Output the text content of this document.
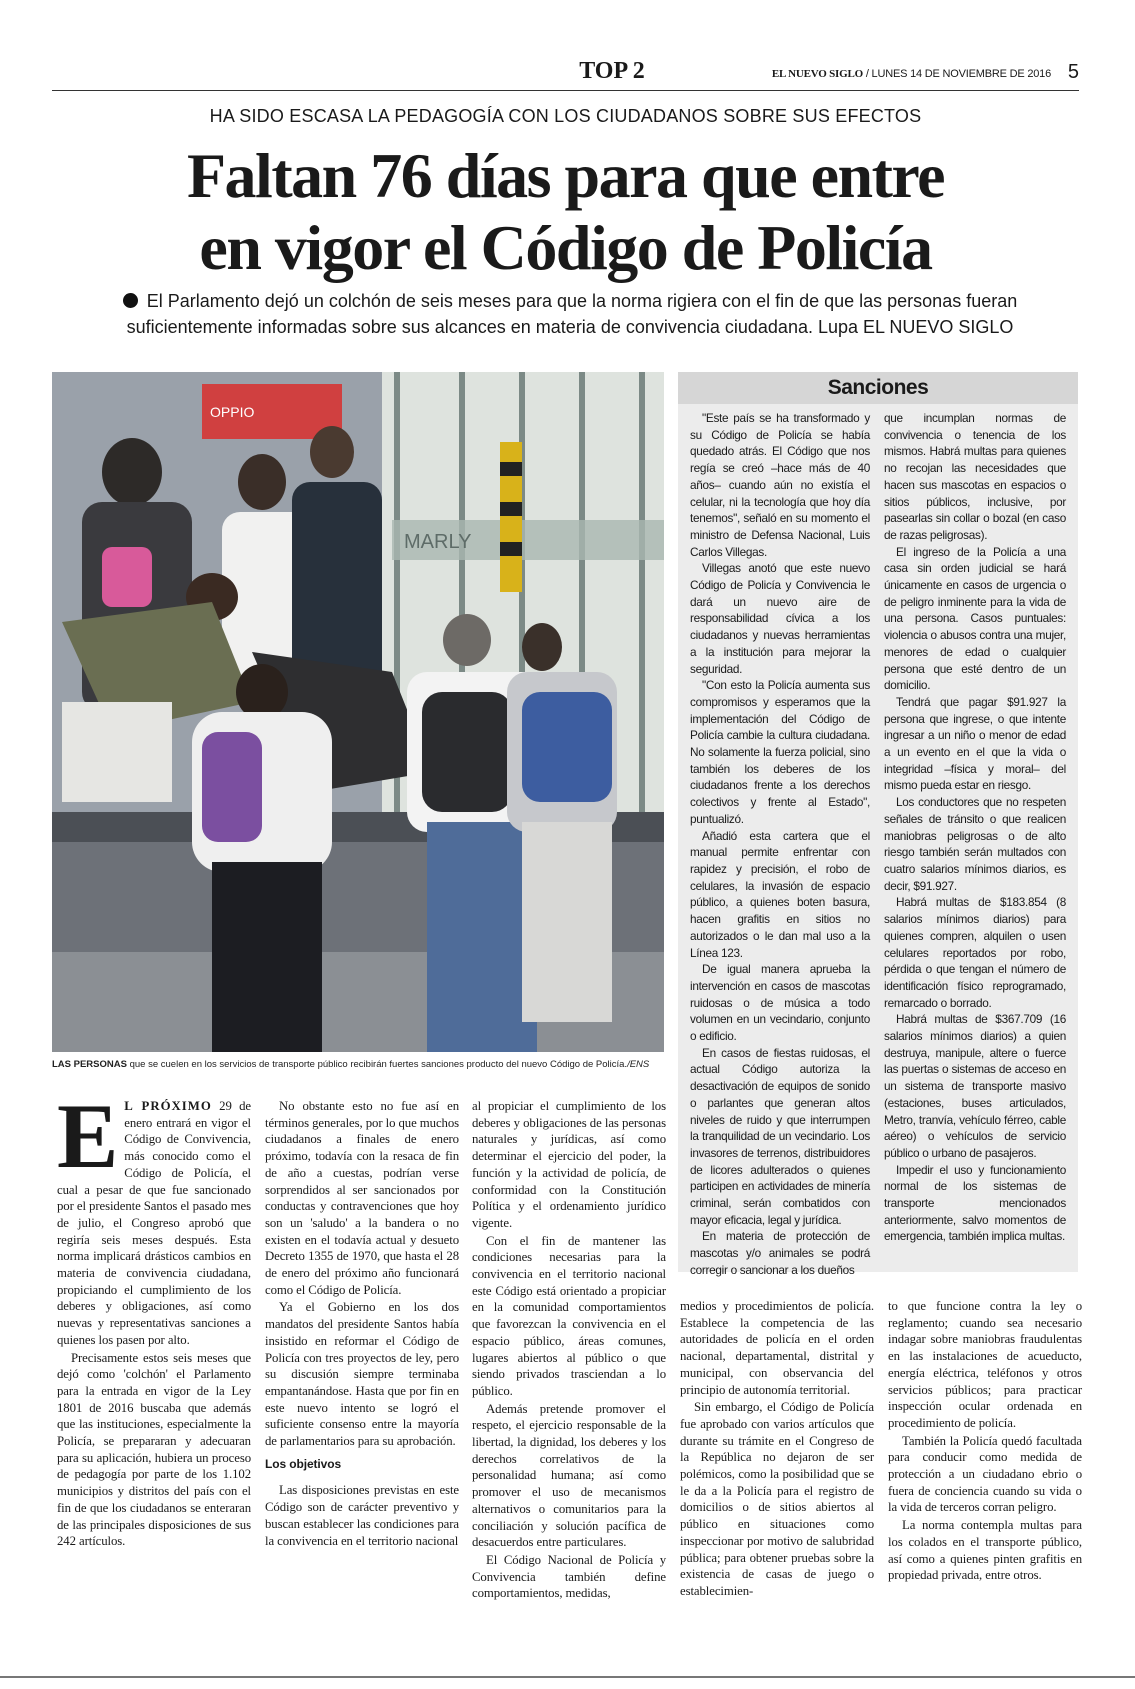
TOP 2	EL NUEVO SIGLO / LUNES 14 DE NOVIEMBRE DE 2016 5
HA SIDO ESCASA LA PEDAGOGÍA CON LOS CIUDADANOS SOBRE SUS EFECTOS
Faltan 76 días para que entre
en vigor el Código de Policía
El Parlamento dejó un colchón de seis meses para que la norma rigiera con el fin de que las personas fueran suficientemente informadas sobre sus alcances en materia de convivencia ciudadana. Lupa EL NUEVO SIGLO
MARLY
OPPIO
LAS PERSONAS que se cuelen en los servicios de transporte público recibirán fuertes sanciones producto del nuevo Código de Policía./ENS
Sanciones

"Este país se ha transformado y su Código de Policía se había quedado atrás. El Código que nos regía se creó –hace más de 40 años– cuando aún no existía el celular, ni la tecnología que hoy día tenemos", señaló en su momento el ministro de Defensa Nacional, Luis Carlos Villegas.

Villegas anotó que este nuevo Código de Policía y Convivencia le dará un nuevo aire de responsabilidad cívica a los ciudadanos y nuevas herramientas a la institución para mejorar la seguridad.

"Con esto la Policía aumenta sus compromisos y esperamos que la implementación del Código de Policía cambie la cultura ciudadana. No solamente la fuerza policial, sino también los deberes de los ciudadanos frente a los derechos colectivos y frente al Estado", puntualizó.

Añadió esta cartera que el manual permite enfrentar con rapidez y precisión, el robo de celulares, la invasión de espacio público, a quienes boten basura, hacen grafitis en sitios no autorizados o le dan mal uso a la Línea 123.

De igual manera aprueba la intervención en casos de mascotas ruidosas o de música a todo volumen en un vecindario, conjunto o edificio.

En casos de fiestas ruidosas, el actual Código autoriza la desactivación de equipos de sonido o parlantes que generan altos niveles de ruido y que interrumpen la tranquilidad de un vecindario. Los invasores de terrenos, distribuidores de licores adulterados o quienes participen en actividades de minería criminal, serán combatidos con mayor eficacia, legal y jurídica.

En materia de protección de mascotas y/o animales se podrá corregir o sancionar a los dueños

que incumplan normas de convivencia o tenencia de los mismos. Habrá multas para quienes no recojan las necesidades que hacen sus mascotas en espacios o sitios públicos, inclusive, por pasearlas sin collar o bozal (en caso de razas peligrosas).

El ingreso de la Policía a una casa sin orden judicial se hará únicamente en casos de urgencia o de peligro inminente para la vida de una persona. Casos puntuales: violencia o abusos contra una mujer, menores de edad o cualquier persona que esté dentro de un domicilio.

Tendrá que pagar $91.927 la persona que ingrese, o que intente ingresar a un niño o menor de edad a un evento en el que la vida o integridad –física y moral– del mismo pueda estar en riesgo.

Los conductores que no respeten señales de tránsito o que realicen maniobras peligrosas o de alto riesgo también serán multados con cuatro salarios mínimos diarios, es decir, $91.927.

Habrá multas de $183.854 (8 salarios mínimos diarios) para quienes compren, alquilen o usen celulares reportados por robo, pérdida o que tengan el número de identificación físico reprogramado, remarcado o borrado.

Habrá multas de $367.709 (16 salarios mínimos diarios) a quien destruya, manipule, altere o fuerce las puertas o sistemas de acceso en un sistema de transporte masivo (estaciones, buses articulados, Metro, tranvía, vehículo férreo, cable aéreo) o vehículos de servicio público o urbano de pasajeros.

Impedir el uso y funcionamiento normal de los sistemas de transporte mencionados anteriormente, salvo momentos de emergencia, también implica multas.

E L PRÓXIMO 29 de enero entrará en vigor el Código de Convivencia, más conocido como el Código de Policía, el cual a pesar de que fue sancionado por el presidente Santos el pasado mes de julio, el Congreso aprobó que regiría seis meses después. Esta norma implicará drásticos cambios en materia de convivencia ciudadana, propiciando el cumplimiento de los deberes y obligaciones, así como nuevas y representativas sanciones a quienes los pasen por alto.

Precisamente estos seis meses que dejó como 'colchón' el Parlamento para la entrada en vigor de la Ley 1801 de 2016 buscaba que además que las instituciones, especialmente la Policía, se prepararan y adecuaran para su aplicación, hubiera un proceso de pedagogía por parte de los 1.102 municipios y distritos del país con el fin de que los ciudadanos se enteraran de las principales disposiciones de sus 242 artículos.

No obstante esto no fue así en términos generales, por lo que muchos ciudadanos a finales de enero próximo, todavía con la resaca de fin de año a cuestas, podrían verse sorprendidos al ser sancionados por conductas y contravenciones que hoy son un 'saludo' a la bandera o no existen en el todavía actual y desueto Decreto 1355 de 1970, que hasta el 28 de enero del próximo año funcionará como el Código de Policía.

Ya el Gobierno en los dos mandatos del presidente Santos había insistido en reformar el Código de Policía con tres proyectos de ley, pero su discusión siempre terminaba empantanándose. Hasta que por fin en este nuevo intento se logró el suficiente consenso entre la mayoría de parlamentarios para su aprobación.

Los objetivos

Las disposiciones previstas en este Código son de carácter preventivo y buscan establecer las condiciones para la convivencia en el territorio nacional

al propiciar el cumplimiento de los deberes y obligaciones de las personas naturales y jurídicas, así como determinar el ejercicio del poder, la función y la actividad de policía, de conformidad con la Constitución Política y el ordenamiento jurídico vigente.

Con el fin de mantener las condiciones necesarias para la convivencia en el territorio nacional este Código está orientado a propiciar en la comunidad comportamientos que favorezcan la convivencia en el espacio público, áreas comunes, lugares abiertos al público o que siendo privados trasciendan a lo público.

Además pretende promover el respeto, el ejercicio responsable de la libertad, la dignidad, los deberes y los derechos correlativos de la personalidad humana; así como promover el uso de mecanismos alternativos o comunitarios para la conciliación y solución pacífica de desacuerdos entre particulares.

El Código Nacional de Policía y Convivencia también define comportamientos, medidas,

medios y procedimientos de policía. Establece la competencia de las autoridades de policía en el orden nacional, departamental, distrital y municipal, con observancia del principio de autonomía territorial.

Sin embargo, el Código de Policía fue aprobado con varios artículos que durante su trámite en el Congreso de la República no dejaron de ser polémicos, como la posibilidad que se le da a la Policía para el registro de domicilios o de sitios abiertos al público en situaciones como inspeccionar por motivo de salubridad pública; para obtener pruebas sobre la existencia de casas de juego o establecimien-

to que funcione contra la ley o reglamento; cuando sea necesario indagar sobre maniobras fraudulentas en las instalaciones de acueducto, energía eléctrica, teléfonos y otros servicios públicos; para practicar inspección ocular ordenada en procedimiento de policía.

También la Policía quedó facultada para conducir como medida de protección a un ciudadano ebrio o fuera de conciencia cuando su vida o la vida de terceros corran peligro.

La norma contempla multas para los colados en el transporte público, así como a quienes pinten grafitis en propiedad privada, entre otros.
